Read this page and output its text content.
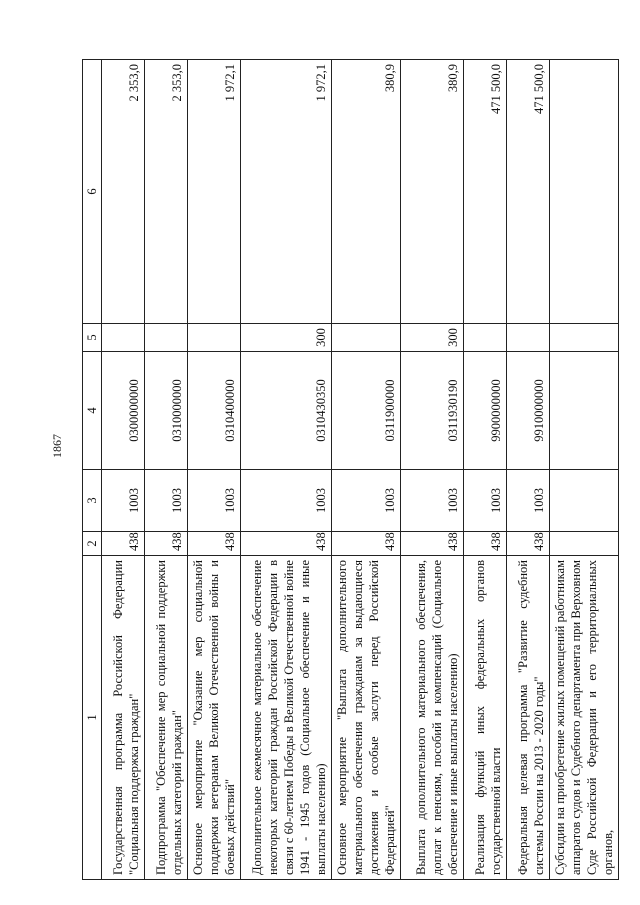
1867
1	2	3	4	5	6
Государственная программа Российской Федерации "Социальная поддержка граждан"	438	1003	0300000000		2 353,0
Подпрограмма "Обеспечение мер социальной поддержки отдельных категорий граждан"	438	1003	0310000000		2 353,0
Основное мероприятие "Оказание мер социальной поддержки ветеранам Великой Отечественной войны и боевых действий"	438	1003	0310400000		1 972,1
Дополнительное ежемесячное материальное обеспечение некоторых категорий граждан Российской Федерации в связи с 60-летием Победы в Великой Отечественной войне 1941 - 1945 годов (Социальное обеспечение и иные выплаты населению)	438	1003	0310430350	300	1 972,1
Основное мероприятие "Выплата дополнительного материального обеспечения гражданам за выдающиеся достижения и особые заслуги перед Российской Федерацией"	438	1003	0311900000		380,9
Выплата дополнительного материального обеспечения, доплат к пенсиям, пособий и компенсаций (Социальное обеспечение и иные выплаты населению)	438	1003	0311930190	300	380,9
Реализация функций иных федеральных органов государственной власти	438	1003	9900000000		471 500,0
Федеральная целевая программа "Развитие судебной системы России на 2013 - 2020 годы"	438	1003	9910000000		471 500,0
Субсидии на приобретение жилых помещений работникам аппаратов судов и Судебного департамента при Верховном Суде Российской Федерации и его территориальных органов,					
